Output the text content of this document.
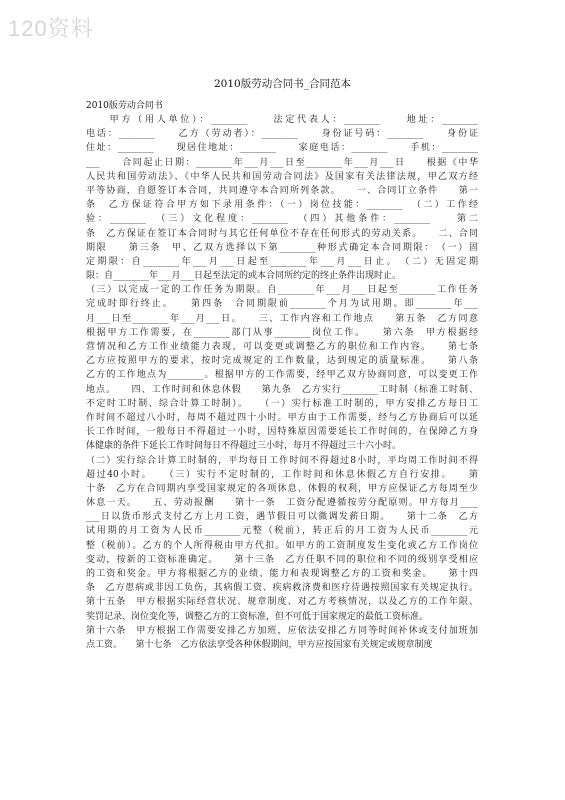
120资料
2010版劳动合同书_合同范本
2010版劳动合同书
　　甲方（用人单位）：________　　法定代表人：________　　地址：________
电话：________　　乙方（劳动者）：________　　身份证号码：________　　身份证
住址：________　　现居住地址：________　　家庭电话：________　　手机：________
___　　合同起止日期：________年___月___日至________年___月___日　　根据《中华
人民共和国劳动法》、《中华人民共和国劳动合同法》及国家有关法律法规，甲乙双方经
平等协商，自愿签订本合同，共同遵守本合同所列条款。　　一、合同订立条件　　第一
条　乙方保证符合甲方如下录用条件：（一）岗位技能：________　（二）工作经
验：________　（三）文化程度：________　（四）其他条件：________　　第二
条　乙方保证在签订本合同时与其它任何单位不存在任何形式的劳动关系。　　二、合同
期限　　第三条　甲、乙双方选择以下第________种形式确定本合同期限：　（一）固
定期限：自________年___月___日起至________年___月___日止。　（二）无固定期
限：自________年___月___日起至法定的或本合同所约定的终止条件出现时止。
（三）以完成一定的工作任务为期限。自________年___月___日起至________工作任务
完成时即行终止。　　第四条　合同期限前________个月为试用期。即________年___
月___日至________年___月___日。　　三、工作内容和工作地点　　第五条　乙方同意
根据甲方工作需要，在________部门从事________岗位工作。　　第六条　甲方根据经
营情况和乙方工作业绩能力表现，可以变更或调整乙方的职位和工作内容。　　第七条
乙方应按照甲方的要求，按时完成规定的工作数量，达到规定的质量标准。　　第八条
乙方的工作地点为________。根据甲方的工作需要，经甲乙双方协商同意，可以变更工作
地点。　　四、工作时间和休息休假　　第九条　乙方实行________工时制（标准工时制、
不定时工时制、综合计算工时制）。　　（一）实行标准工时制的，甲方安排乙方每日工
作时间不超过八小时，每周不超过四十小时。甲方由于工作需要，经与乙方协商后可以延
长工作时间，一般每日不得超过一小时，因特殊原因需要延长工作时间的，在保障乙方身
体健康的条件下延长工作时间每日不得超过三小时，每月不得超过三十六小时。
（二）实行综合计算工时制的，平均每日工作时间不得超过8小时，平均周工作时间不得
超过40小时。　　（三）实行不定时制的，工作时间和休息休假乙方自行安排。　　第
十条　乙方在合同期内享受国家规定的各项休息、休假的权利，甲方应保证乙方每周至少
休息一天。　　五、劳动报酬　　第十一条　工资分配遵循按劳分配原则。甲方每月____
___日以货币形式支付乙方上月工资，遇节假日可以微调发薪日期。　　第十二条　乙方
试用期的月工资为人民币________元整（税前），转正后的月工资为人民币________元
整（税前）。乙方的个人所得税由甲方代扣。如甲方的工资制度发生变化或乙方工作岗位
变动，按新的工资标准确定。　　第十三条　乙方任职不同的职位和不同的级别享受相应
的工资和奖金。甲方将根据乙方的业绩、能力和表现调整乙方的工资和奖金。　　第十四
条　乙方患病或非因工负伤，其病假工资、疾病救济费和医疗待遇按照国家有关规定执行。
第十五条　甲方根据实际经营状况、规章制度、对乙方考核情况，以及乙方的工作年限、
奖罚记录、岗位变化等，调整乙方的工资标准，但不可低于国家规定的最低工资标准。
第十六条　甲方根据工作需要安排乙方加班，应依法安排乙方同等时间补休或支付加班加
点工资。　　第十七条　乙方依法享受各种休假期间，甲方应按国家有关规定或规章制度
